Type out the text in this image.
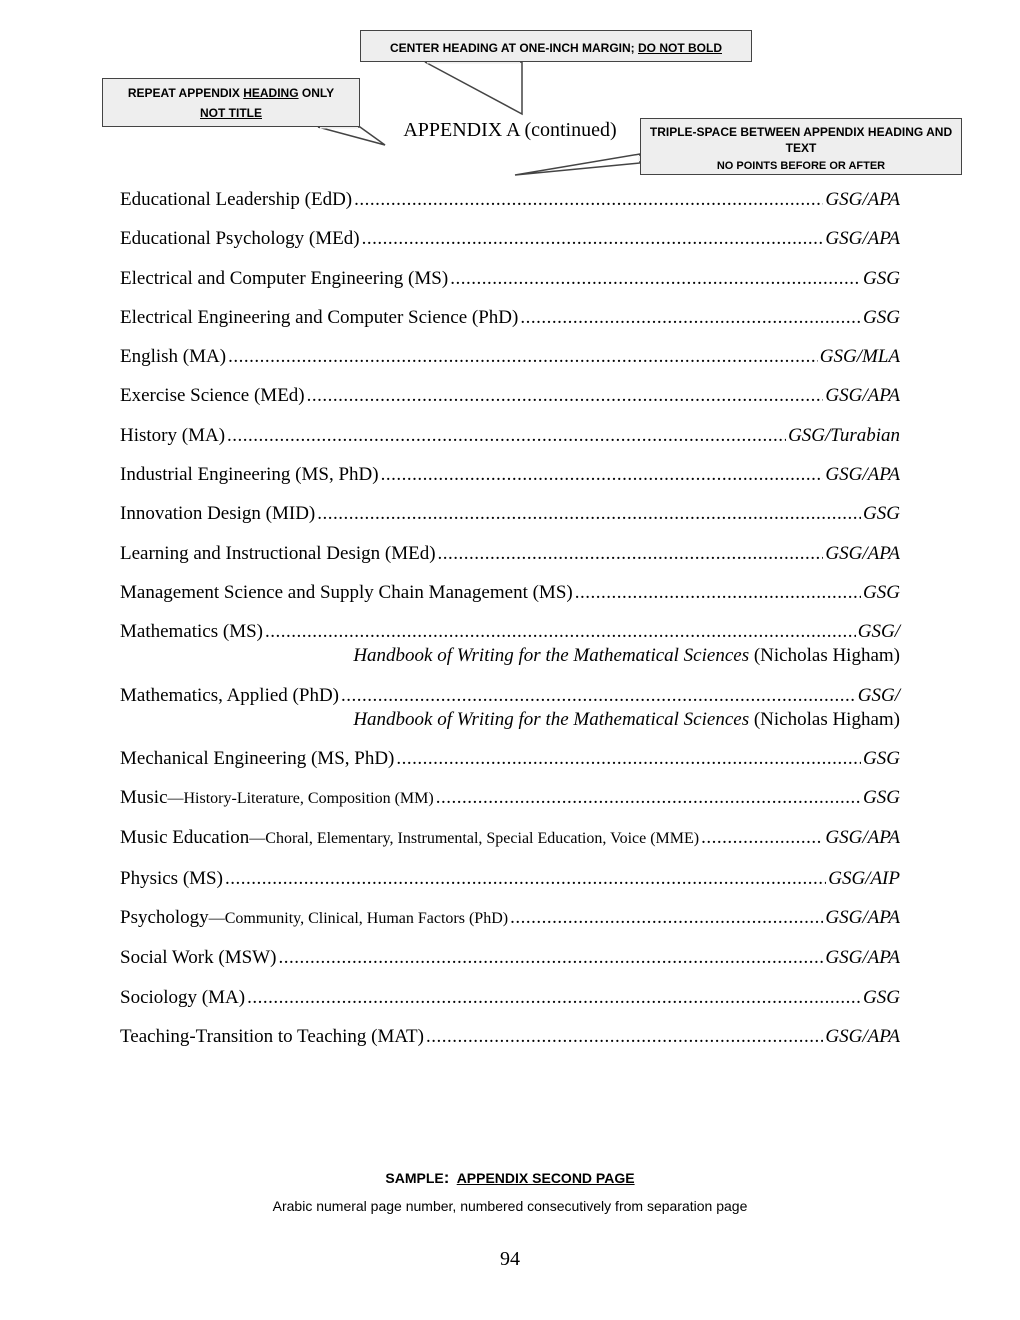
CENTER HEADING AT ONE-INCH MARGIN; DO NOT BOLD
REPEAT APPENDIX HEADING ONLY
NOT TITLE
TRIPLE-SPACE BETWEEN APPENDIX HEADING AND TEXT
NO POINTS BEFORE OR AFTER
APPENDIX A (continued)
Educational Leadership (EdD) .....	GSG/APA
Educational Psychology (MEd) .....	GSG/APA
Electrical and Computer Engineering (MS) .....	GSG
Electrical Engineering and Computer Science (PhD) .....	GSG
English (MA) .....	GSG/MLA
Exercise Science (MEd) .....	GSG/APA
History (MA) .....	GSG/Turabian
Industrial Engineering (MS, PhD) .....	GSG/APA
Innovation Design (MID) .....	GSG
Learning and Instructional Design (MEd) .....	GSG/APA
Management Science and Supply Chain Management (MS) .....	GSG
Mathematics (MS) .....	GSG/
Handbook of Writing for the Mathematical Sciences (Nicholas Higham)
Mathematics, Applied (PhD) .....	GSG/
Handbook of Writing for the Mathematical Sciences (Nicholas Higham)
Mechanical Engineering (MS, PhD) .....	GSG
Music—History-Literature, Composition (MM) .....	GSG
Music Education—Choral, Elementary, Instrumental, Special Education, Voice (MME) .....	GSG/APA
Physics (MS) .....	GSG/AIP
Psychology—Community, Clinical, Human Factors (PhD) .....	GSG/APA
Social Work (MSW) .....	GSG/APA
Sociology (MA) .....	GSG
Teaching-Transition to Teaching (MAT) .....	GSG/APA
SAMPLE: APPENDIX SECOND PAGE
Arabic numeral page number, numbered consecutively from separation page
94
